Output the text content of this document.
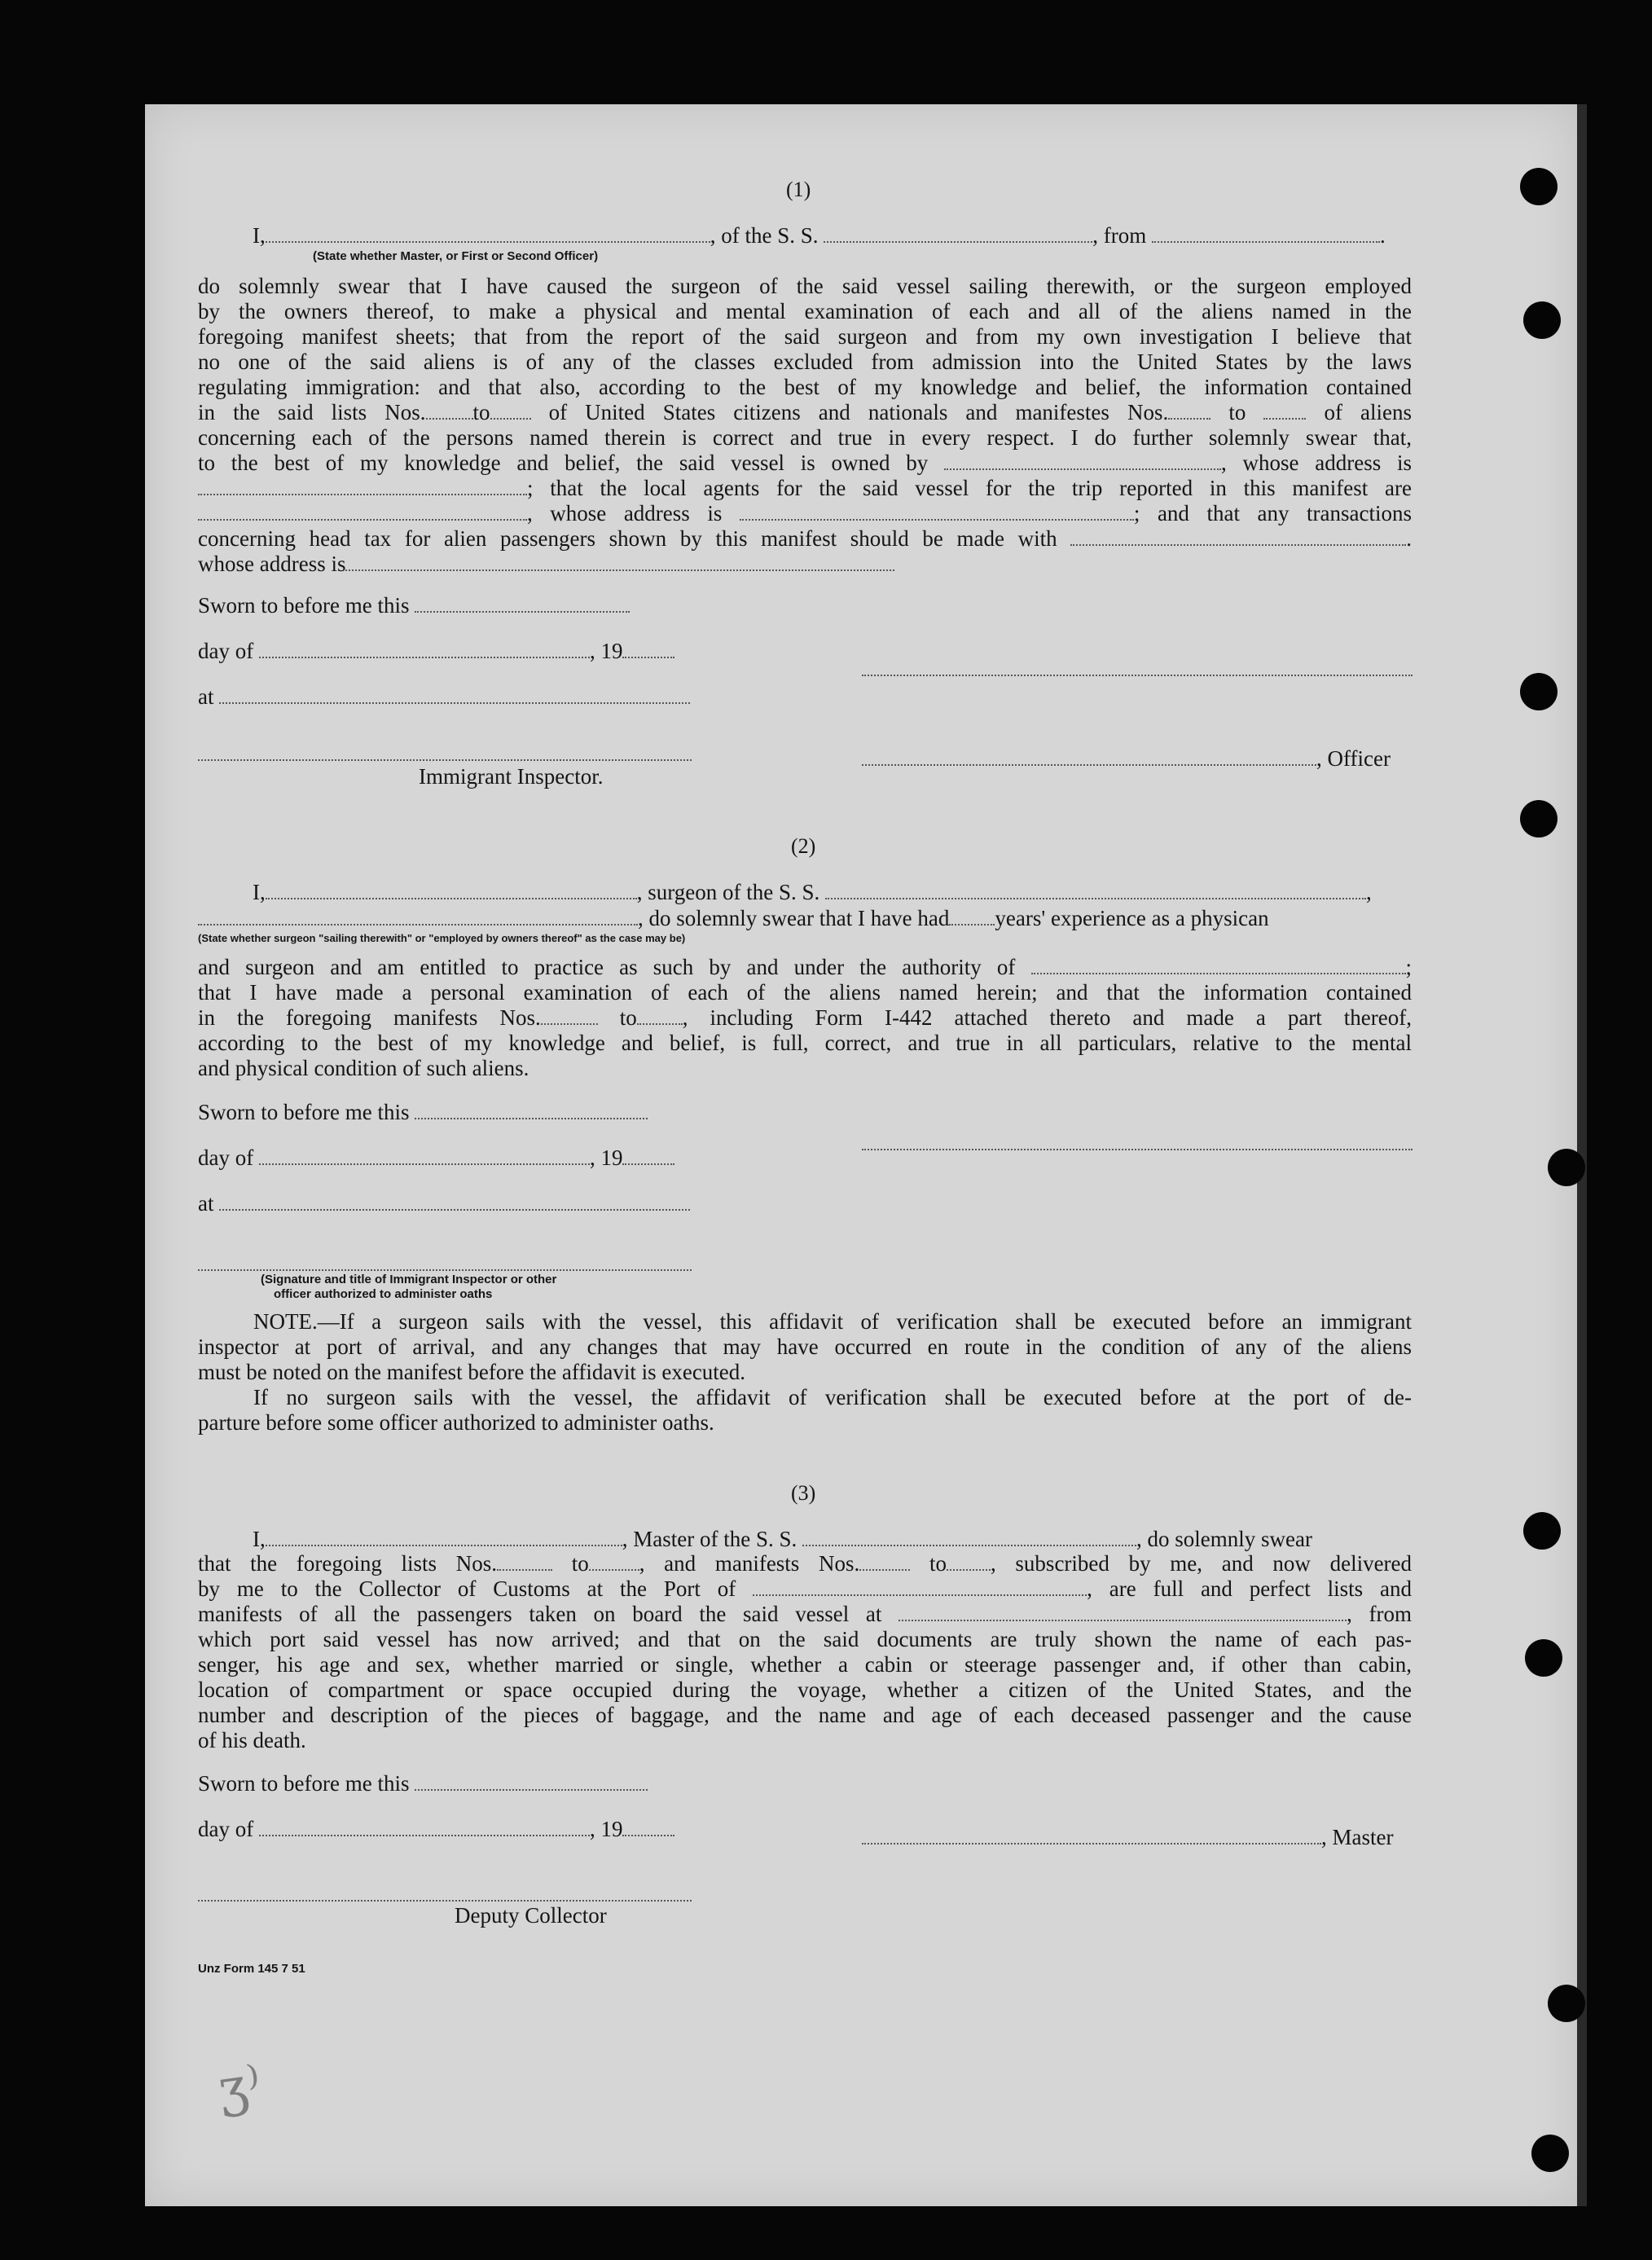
(1)
I,	, of the S. S.	, from	.
(State whether Master, or First or Second Officer)
do solemnly swear that I have caused the surgeon of the said vessel sailing therewith, or the surgeon employed
by the owners thereof, to make a physical and mental examination of each and all of the aliens named in the
foregoing manifest sheets; that from the report of the said surgeon and from my own investigation I believe that
no one of the said aliens is of any of the classes excluded from admission into the United States by the laws
regulating immigration: and that also, according to the best of my knowledge and belief, the information contained
in the said lists Nos. to	of United States citizens and nationals and manifestes Nos.	to	of aliens
concerning each of the persons named therein is correct and true in every respect. I do further solemnly swear that,
to the best of my knowledge and belief, the said vessel is owned by	, whose address is
; that the local agents for the said vessel for the trip reported in this manifest are
, whose address is	; and that any transactions
concerning head tax for alien passengers shown by this manifest should be made with	.
whose address is
Sworn to before me this
day of	, 19
at
, Officer
Immigrant Inspector.
(2)
I,	, surgeon of the S. S.	,
, do solemnly swear that I have had years' experience as a physican
(State whether surgeon "sailing therewith" or "employed by owners thereof" as the case may be)
and surgeon and am entitled to practice as such by and under the authority of	;
that I have made a personal examination of each of the aliens named herein; and that the information contained
in the foregoing manifests Nos.	to , including Form I-442 attached thereto and made a part thereof,
according to the best of my knowledge and belief, is full, correct, and true in all particulars, relative to the mental
and physical condition of such aliens.
Sworn to before me this
day of	, 19
at
(Signature and title of Immigrant Inspector or other
officer authorized to administer oaths
NOTE.—If a surgeon sails with the vessel, this affidavit of verification shall be executed before an immigrant
inspector at port of arrival, and any changes that may have occurred en route in the condition of any of the aliens
must be noted on the manifest before the affidavit is executed.
If no surgeon sails with the vessel, the affidavit of verification shall be executed before at the port of de-
parture before some officer authorized to administer oaths.
(3)
I,	, Master of the S. S.	, do solemnly swear
that the foregoing lists Nos.	to , and manifests Nos.	to , subscribed by me, and now delivered
by me to the Collector of Customs at the Port of	, are full and perfect lists and
manifests of all the passengers taken on board the said vessel at	, from
which port said vessel has now arrived; and that on the said documents are truly shown the name of each pas-
senger, his age and sex, whether married or single, whether a cabin or steerage passenger and, if other than cabin,
location of compartment or space occupied during the voyage, whether a citizen of the United States, and the
number and description of the pieces of baggage, and the name and age of each deceased passenger and the cause
of his death.
Sworn to before me this
day of	, 19	, Master
Deputy Collector
Unz Form 145 7 51
ʒ⁾
